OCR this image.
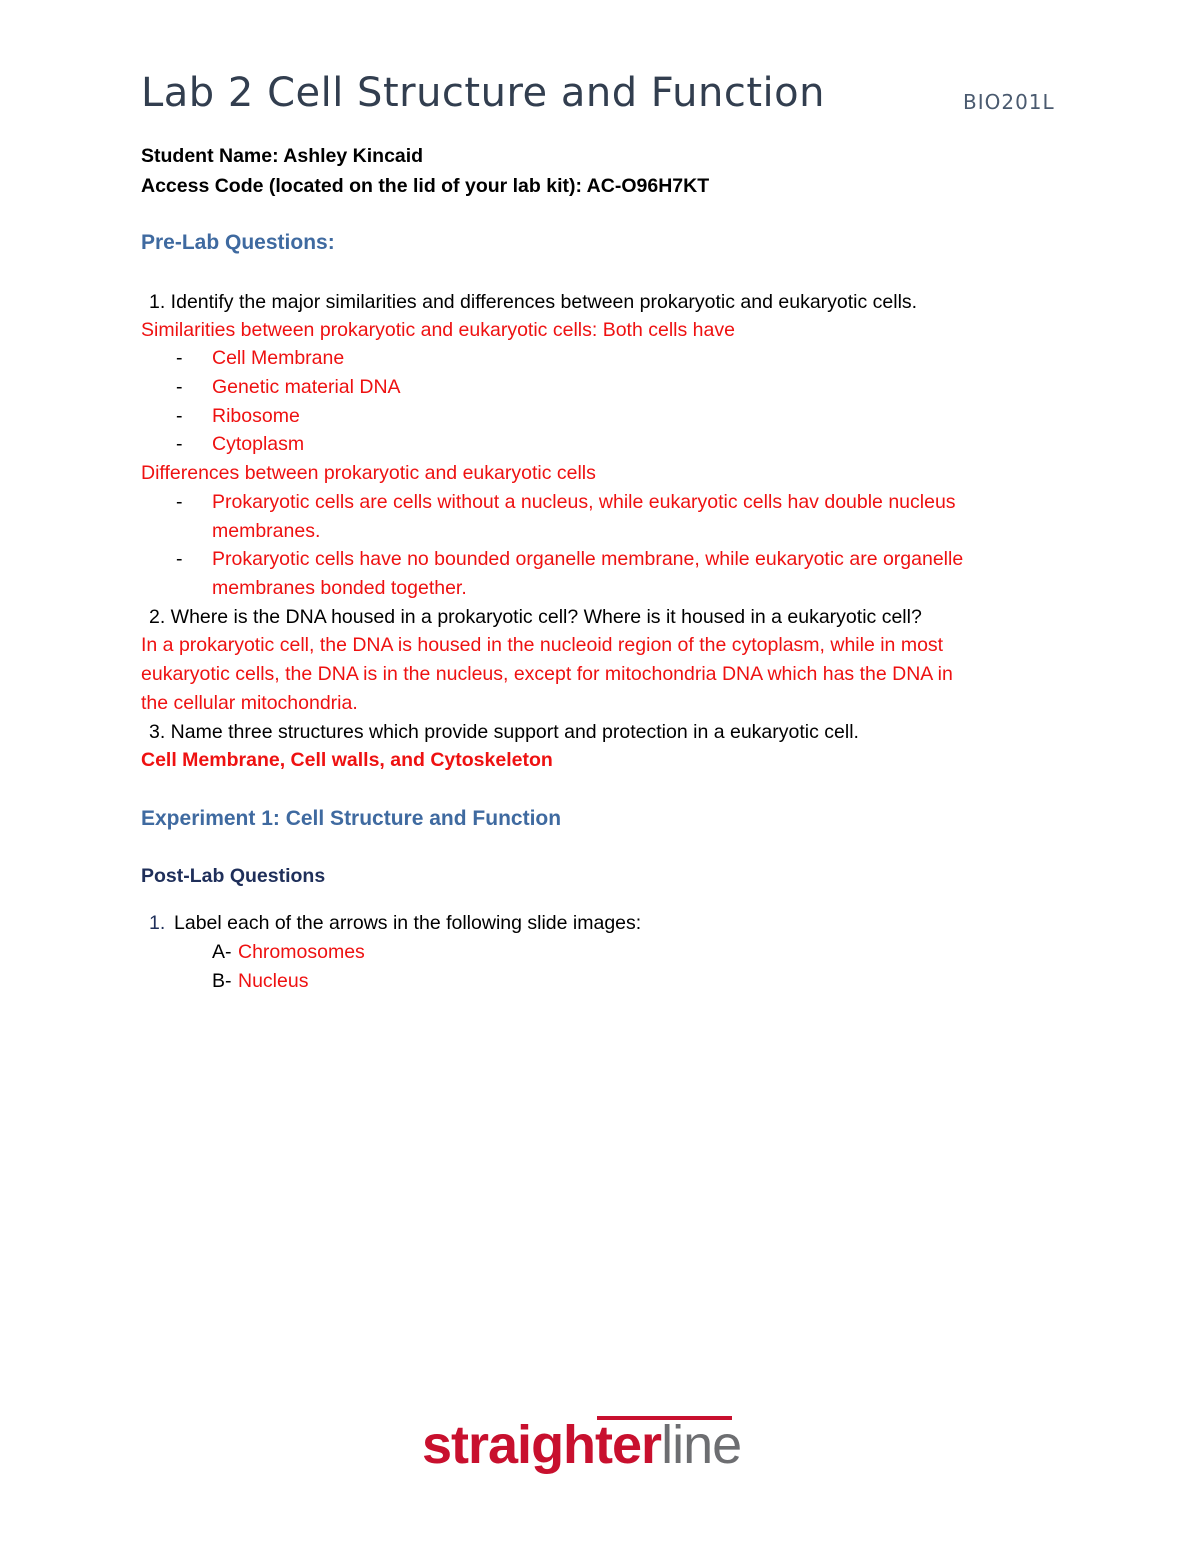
Lab 2 Cell Structure and Function	BIO201L
Student Name: Ashley Kincaid
Access Code (located on the lid of your lab kit): AC-O96H7KT
Pre-Lab Questions:
1. Identify the major similarities and differences between prokaryotic and eukaryotic cells.
Similarities between prokaryotic and eukaryotic cells: Both cells have
- Cell Membrane
- Genetic material DNA
- Ribosome
- Cytoplasm
Differences between prokaryotic and eukaryotic cells
- Prokaryotic cells are cells without a nucleus, while eukaryotic cells hav double nucleus
membranes.
- Prokaryotic cells have no bounded organelle membrane, while eukaryotic are organelle
membranes bonded together.
2. Where is the DNA housed in a prokaryotic cell? Where is it housed in a eukaryotic cell?
In a prokaryotic cell, the DNA is housed in the nucleoid region of the cytoplasm, while in most
eukaryotic cells, the DNA is in the nucleus, except for mitochondria DNA which has the DNA in
the cellular mitochondria.
3. Name three structures which provide support and protection in a eukaryotic cell.
Cell Membrane, Cell walls, and Cytoskeleton
Experiment 1: Cell Structure and Function
Post-Lab Questions
1. Label each of the arrows in the following slide images:
A- Chromosomes
B- Nucleus
straighterline
